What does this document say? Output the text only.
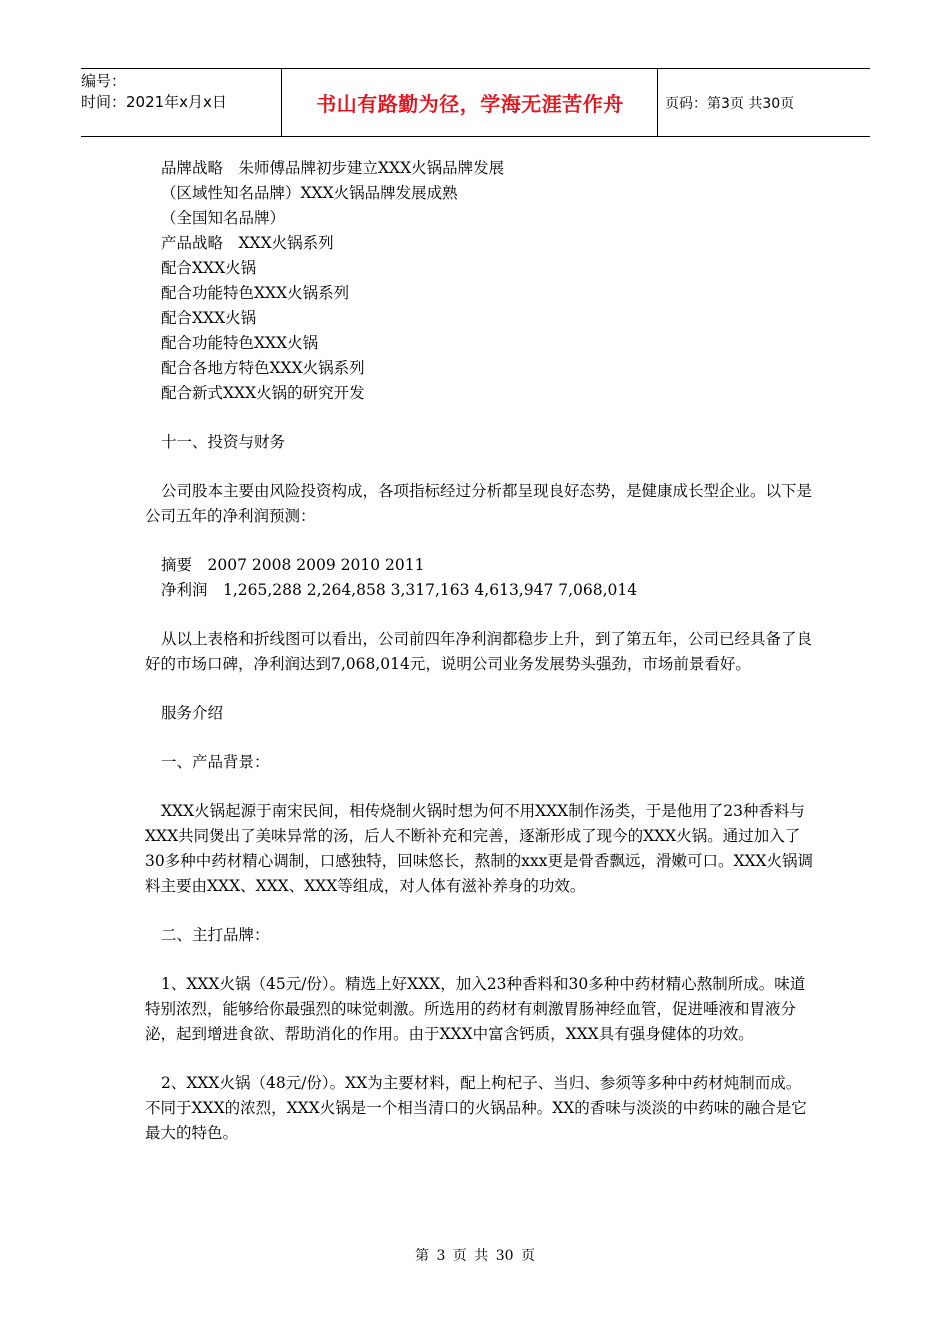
编号：
时间：2021年x月x日	书山有路勤为径，学海无涯苦作舟	页码：第3页 共30页

品牌战略　朱师傅品牌初步建立XXX火锅品牌发展

（区域性知名品牌）XXX火锅品牌发展成熟

（全国知名品牌）

产品战略　XXX火锅系列

配合XXX火锅

配合功能特色XXX火锅系列

配合XXX火锅

配合功能特色XXX火锅

配合各地方特色XXX火锅系列

配合新式XXX火锅的研究开发

十一、投资与财务

公司股本主要由风险投资构成，各项指标经过分析都呈现良好态势，是健康成长型企业。以下是公司五年的净利润预测：

摘要　2007 2008 2009 2010 2011

净利润　1,265,288 2,264,858 3,317,163 4,613,947 7,068,014

从以上表格和折线图可以看出，公司前四年净利润都稳步上升，到了第五年，公司已经具备了良好的市场口碑，净利润达到7,068,014元，说明公司业务发展势头强劲，市场前景看好。

服务介绍

一、产品背景：

XXX火锅起源于南宋民间，相传烧制火锅时想为何不用XXX制作汤类，于是他用了23种香料与XXX共同煲出了美味异常的汤，后人不断补充和完善，逐渐形成了现今的XXX火锅。通过加入了30多种中药材精心调制，口感独特，回味悠长，熬制的xxx更是骨香飘远，滑嫩可口。XXX火锅调料主要由XXX、XXX、XXX等组成，对人体有滋补养身的功效。

二、主打品牌：

1、XXX火锅（45元/份）。精选上好XXX，加入23种香料和30多种中药材精心熬制所成。味道特别浓烈，能够给你最强烈的味觉刺激。所选用的药材有刺激胃肠神经血管，促进唾液和胃液分泌，起到增进食欲、帮助消化的作用。由于XXX中富含钙质，XXX具有强身健体的功效。

2、XXX火锅（48元/份）。XX为主要材料，配上枸杞子、当归、参须等多种中药材炖制而成。不同于XXX的浓烈，XXX火锅是一个相当清口的火锅品种。XX的香味与淡淡的中药味的融合是它最大的特色。

第 3 页 共 30 页
